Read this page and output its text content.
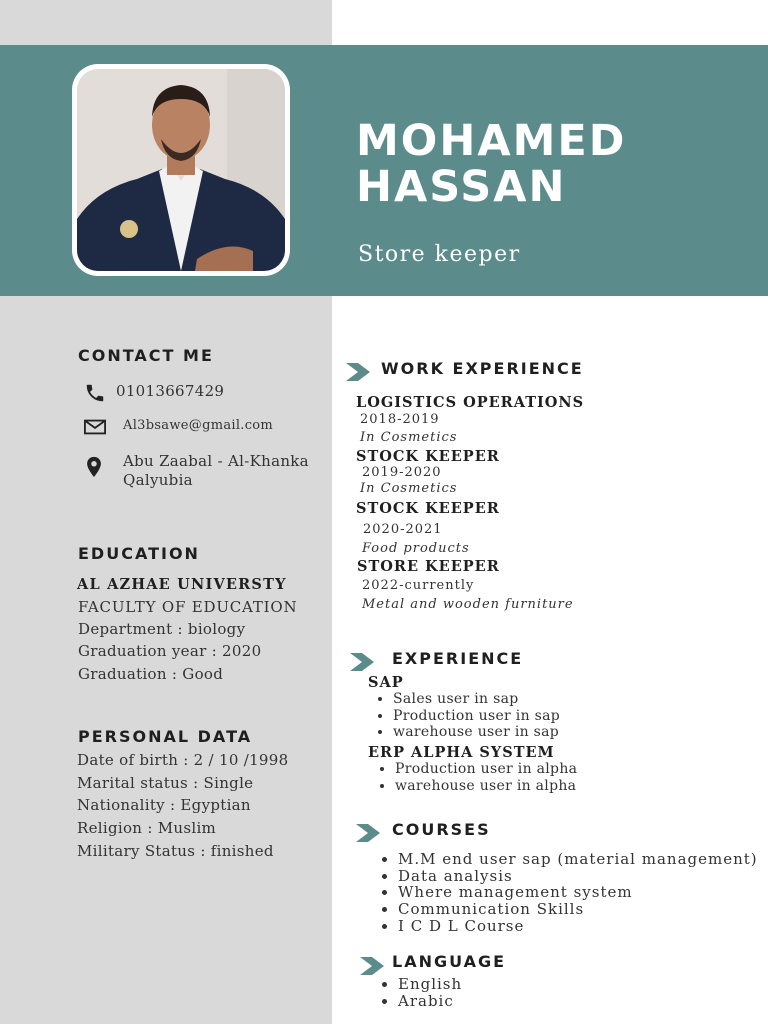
MOHAMED
HASSAN
Store keeper
CONTACT ME
01013667429
Al3bsawe@gmail.com
Abu Zaabal - Al-Khanka
Qalyubia
EDUCATION
AL AZHAE UNIVERSTY
FACULTY OF EDUCATION
Department : biology
Graduation year : 2020
Graduation : Good
PERSONAL DATA
Date of birth : 2 / 10 /1998
Marital status : Single
Nationality : Egyptian
Religion : Muslim
Military Status : finished
WORK EXPERIENCE
LOGISTICS OPERATIONS
2018-2019
In Cosmetics
STOCK KEEPER
2019-2020
In Cosmetics
STOCK KEEPER
2020-2021
Food products
STORE KEEPER
2022-currently
Metal and wooden furniture
EXPERIENCE
SAP
• Sales user in sap
• Production user in sap
• warehouse user in sap
ERP ALPHA SYSTEM
• Production user in alpha
• warehouse user in alpha
COURSES
• M.M end user sap (material management)
• Data analysis
• Where management system
• Communication Skills
• I C D L Course
LANGUAGE
• English
• Arabic
